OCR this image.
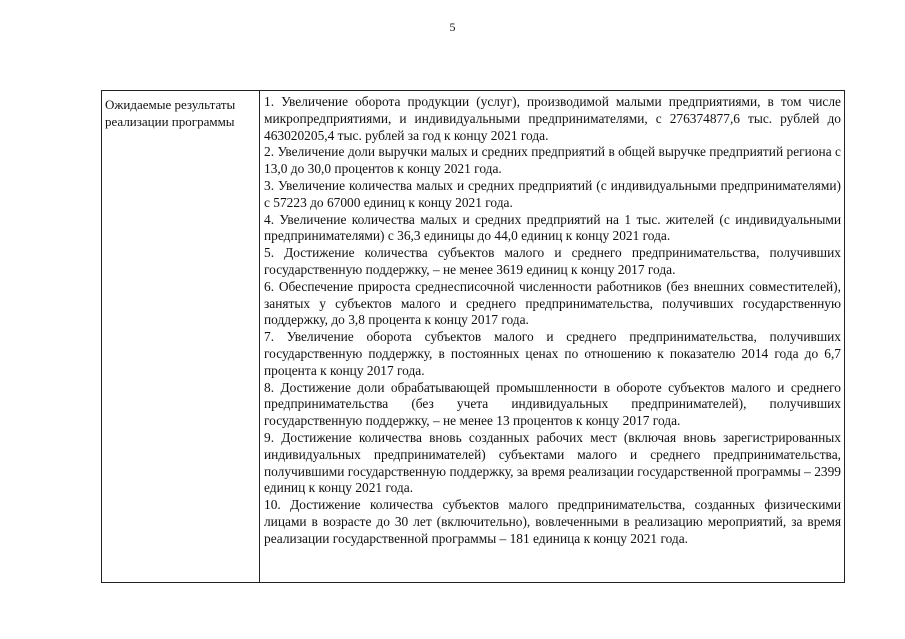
5
Ожидаемые результаты
реализации программы

1. Увеличение оборота продукции (услуг), производимой малыми предприятиями, в том числе микропредприятиями, и индивидуальными предпринимателями, с 276374877,6 тыс. рублей до 463020205,4 тыс. рублей за год к концу 2021 года.

2. Увеличение доли выручки малых и средних предприятий в общей выручке предприятий региона с 13,0 до 30,0 процентов к концу 2021 года.

3. Увеличение количества малых и средних предприятий (с индивидуальными предпринимателями) с 57223 до 67000 единиц к концу 2021 года.

4. Увеличение количества малых и средних предприятий на 1 тыс. жителей (с индивидуальными предпринимателями) с 36,3 единицы до 44,0 единиц к концу 2021 года.

5. Достижение количества субъектов малого и среднего предпринимательства, получивших государственную поддержку, – не менее 3619 единиц к концу 2017 года.

6. Обеспечение прироста среднесписочной численности работников (без внешних совместителей), занятых у субъектов малого и среднего предпринимательства, получивших государственную поддержку, до 3,8 процента к концу 2017 года.

7. Увеличение оборота субъектов малого и среднего предпринимательства, получивших государственную поддержку, в постоянных ценах по отношению к показателю 2014 года до 6,7 процента к концу 2017 года.

8. Достижение доли обрабатывающей промышленности в обороте субъектов малого и среднего предпринимательства (без учета индивидуальных предпринимателей), получивших государственную поддержку, – не менее 13 процентов к концу 2017 года.

9. Достижение количества вновь созданных рабочих мест (включая вновь зарегистрированных индивидуальных предпринимателей) субъектами малого и среднего предпринимательства, получившими государственную поддержку, за время реализации государственной программы – 2399 единиц к концу 2021 года.

10. Достижение количества субъектов малого предпринимательства, созданных физическими лицами в возрасте до 30 лет (включительно), вовлеченными в реализацию мероприятий, за время реализации государственной программы – 181 единица к концу 2021 года.
